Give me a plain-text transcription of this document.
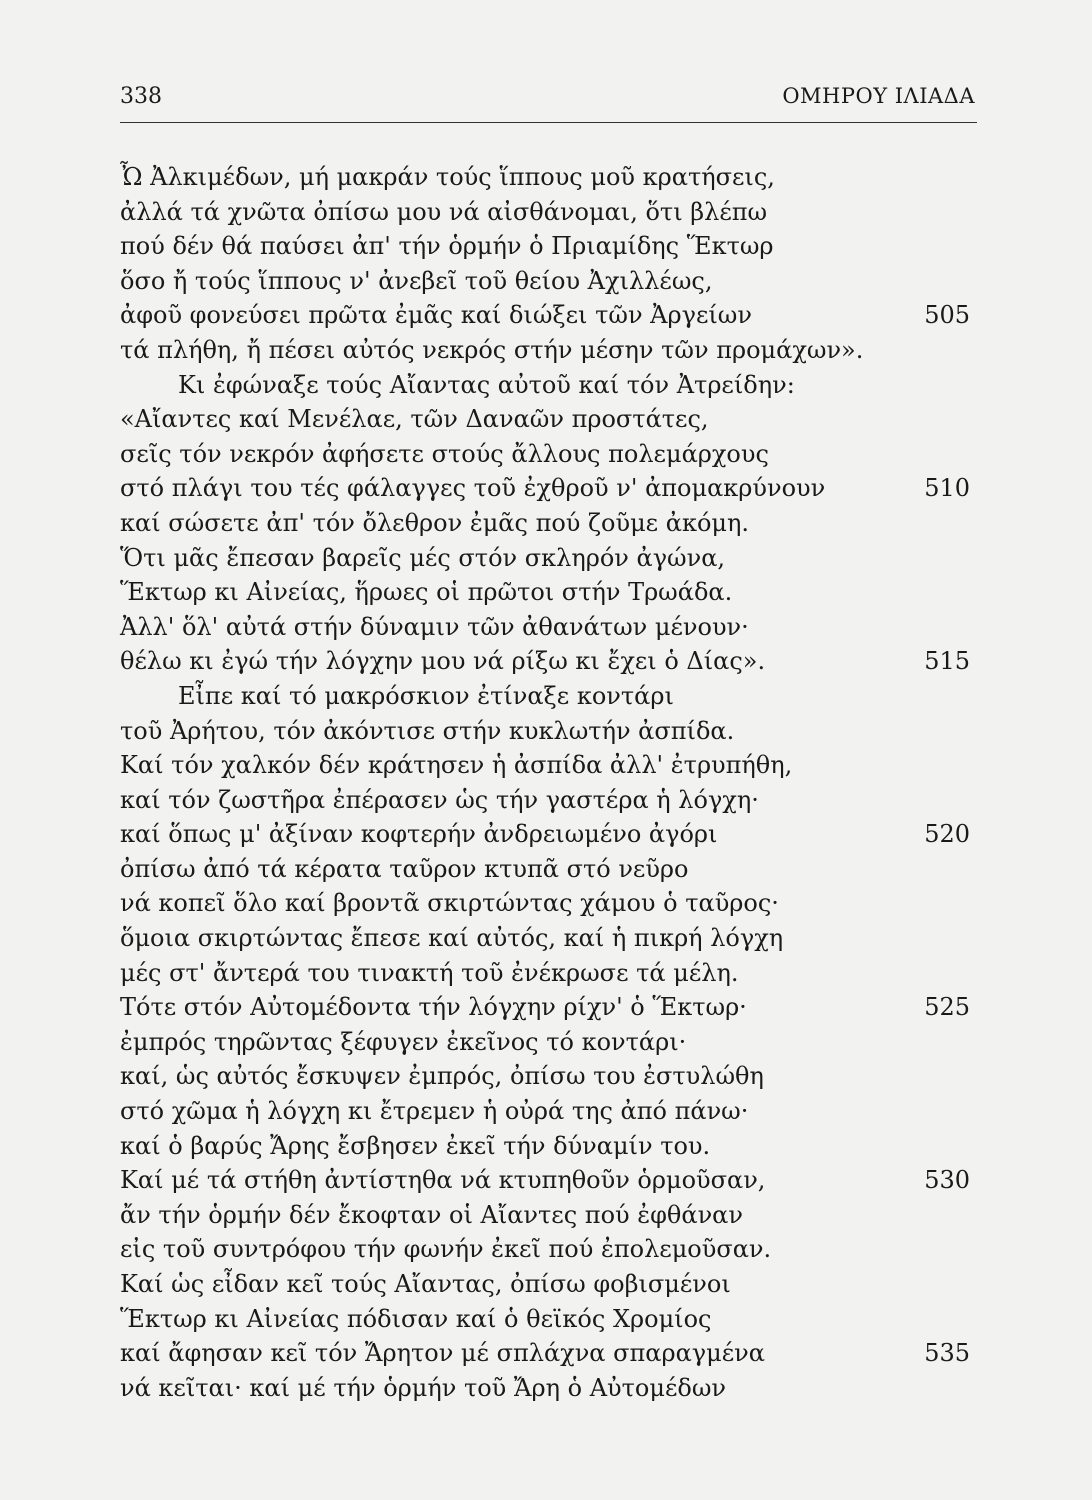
338	ΟΜΗΡΟΥ ΙΛΙΑΔΑ
Ὦ Ἀλκιμέδων, μή μακράν τούς ἵππους μοῦ κρατήσεις,
ἀλλά τά χνῶτα ὀπίσω μου νά αἰσθάνομαι, ὅτι βλέπω
πού δέν θά παύσει ἀπ' τήν ὁρμήν ὁ Πριαμίδης Ἕκτωρ
ὅσο ἤ τούς ἵππους ν' ἀνεβεῖ τοῦ θείου Ἀχιλλέως,
ἀφοῦ φονεύσει πρῶτα ἐμᾶς καί διώξει τῶν Ἀργείων	505
τά πλήθη, ἤ πέσει αὐτός νεκρός στήν μέσην τῶν προμάχων».
Κι ἐφώναξε τούς Αἴαντας αὐτοῦ καί τόν Ἀτρείδην:
«Αἴαντες καί Μενέλαε, τῶν Δαναῶν προστάτες,
σεῖς τόν νεκρόν ἀφήσετε στούς ἄλλους πολεμάρχους
στό πλάγι του τές φάλαγγες τοῦ ἐχθροῦ ν' ἀπομακρύνουν	510
καί σώσετε ἀπ' τόν ὄλεθρον ἐμᾶς πού ζοῦμε ἀκόμη.
Ὅτι μᾶς ἔπεσαν βαρεῖς μές στόν σκληρόν ἀγώνα,
Ἕκτωρ κι Αἰνείας, ἥρωες οἱ πρῶτοι στήν Τρωάδα.
Ἀλλ' ὅλ' αὐτά στήν δύναμιν τῶν ἀθανάτων μένουν·
θέλω κι ἐγώ τήν λόγχην μου νά ρίξω κι ἔχει ὁ Δίας».	515
Εἶπε καί τό μακρόσκιον ἐτίναξε κοντάρι
τοῦ Ἀρήτου, τόν ἀκόντισε στήν κυκλωτήν ἀσπίδα.
Καί τόν χαλκόν δέν κράτησεν ἡ ἀσπίδα ἀλλ' ἐτρυπήθη,
καί τόν ζωστῆρα ἐπέρασεν ὡς τήν γαστέρα ἡ λόγχη·
καί ὅπως μ' ἀξίναν κοφτερήν ἀνδρειωμένο ἀγόρι	520
ὀπίσω ἀπό τά κέρατα ταῦρον κτυπᾶ στό νεῦρο
νά κοπεῖ ὅλο καί βροντᾶ σκιρτώντας χάμου ὁ ταῦρος·
ὅμοια σκιρτώντας ἔπεσε καί αὐτός, καί ἡ πικρή λόγχη
μές στ' ἄντερά του τινακτή τοῦ ἐνέκρωσε τά μέλη.
Τότε στόν Αὐτομέδοντα τήν λόγχην ρίχν' ὁ Ἕκτωρ·	525
ἐμπρός τηρῶντας ξέφυγεν ἐκεῖνος τό κοντάρι·
καί, ὡς αὐτός ἔσκυψεν ἐμπρός, ὀπίσω του ἐστυλώθη
στό χῶμα ἡ λόγχη κι ἔτρεμεν ἡ οὐρά της ἀπό πάνω·
καί ὁ βαρύς Ἄρης ἔσβησεν ἐκεῖ τήν δύναμίν του.
Καί μέ τά στήθη ἀντίστηθα νά κτυπηθοῦν ὁρμοῦσαν,	530
ἄν τήν ὁρμήν δέν ἔκοφταν οἱ Αἴαντες πού ἐφθάναν
εἰς τοῦ συντρόφου τήν φωνήν ἐκεῖ πού ἐπολεμοῦσαν.
Καί ὡς εἶδαν κεῖ τούς Αἴαντας, ὀπίσω φοβισμένοι
Ἕκτωρ κι Αἰνείας πόδισαν καί ὁ θεϊκός Χρομίος
καί ἄφησαν κεῖ τόν Ἄρητον μέ σπλάχνα σπαραγμένα	535
νά κεῖται· καί μέ τήν ὁρμήν τοῦ Ἄρη ὁ Αὐτομέδων
